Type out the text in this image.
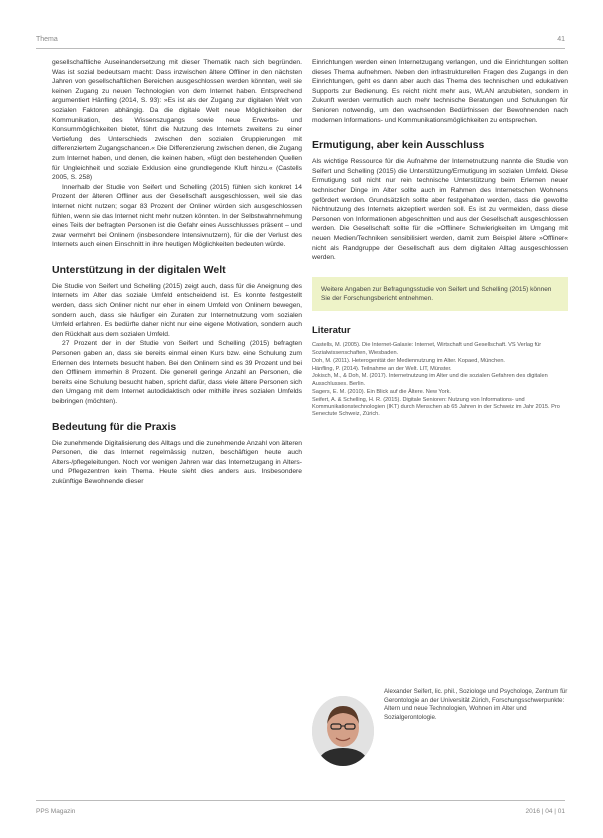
Thema	41

gesellschaftliche Auseinandersetzung mit dieser Thematik nach sich begründen. Was ist sozial bedeutsam macht: Dass inzwischen ältere Offliner in den nächsten Jahren von gesellschaftlichen Bereichen ausgeschlossen werden könnten, weil sie keinen Zugang zu neuen Technologien von dem Internet haben. Entsprechend argumentiert Hänfling (2014, S. 93): »Es ist als der Zugang zur digitalen Welt von sozialen Faktoren abhängig. Da die digitale Welt neue Möglichkeiten der Kommunikation, des Wissenszugangs sowie neue Erwerbs- und Konsummöglichkeiten bietet, führt die Nutzung des Internets zweitens zu einer Vertiefung des Unterschieds zwischen den sozialen Gruppierungen mit differenziertem Zugangschancen.« Die Differenzierung zwischen denen, die Zugang zum Internet haben, und denen, die keinen haben, »fügt den bestehenden Quellen für Ungleichheit und soziale Exklusion eine grundlegende Kluft hinzu.« (Castells 2005, S. 258)

Innerhalb der Studie von Seifert und Schelling (2015) fühlen sich konkret 14 Prozent der älteren Offliner aus der Gesellschaft ausgeschlossen, weil sie das Internet nicht nutzen; sogar 83 Prozent der Onliner würden sich ausgeschlossen fühlen, wenn sie das Internet nicht mehr nutzen könnten. In der Selbstwahrnehmung eines Teils der befragten Personen ist die Gefahr eines Ausschlusses präsent – und zwar vermehrt bei Onlinern (insbesondere Intensivnutzern), für die der Verlust des Internets auch einen Einschnitt in ihre heutigen Möglichkeiten bedeuten würde.

Unterstützung in der digitalen Welt

Die Studie von Seifert und Schelling (2015) zeigt auch, dass für die Aneignung des Internets im Alter das soziale Umfeld entscheidend ist. Es konnte festgestellt werden, dass sich Onliner nicht nur eher in einem Umfeld von Onlinern bewegen, sondern auch, dass sie häufiger ein Zuraten zur Internetnutzung vom sozialen Umfeld erfahren. Es bedürfte daher nicht nur eine eigene Motivation, sondern auch den Rückhalt aus dem sozialen Umfeld.

27 Prozent der in der Studie von Seifert und Schelling (2015) befragten Personen gaben an, dass sie bereits einmal einen Kurs bzw. eine Schulung zum Erlernen des Internets besucht haben. Bei den Onlinern sind es 39 Prozent und bei den Offlinern immerhin 8 Prozent. Die generell geringe Anzahl an Personen, die bereits eine Schulung besucht haben, spricht dafür, dass viele ältere Personen sich den Umgang mit dem Internet autodidaktisch oder mithilfe ihres sozialen Umfelds beibringen (möchten).

Bedeutung für die Praxis

Die zunehmende Digitalisierung des Alltags und die zunehmende Anzahl von älteren Personen, die das Internet regelmässig nutzen, beschäftigen heute auch Alters-/pflegeleitungen. Noch vor wenigen Jahren war das Internetzugang in Alters- und Pflegezentren kein Thema. Heute sieht dies anders aus. Insbesondere zukünftige Bewohnende dieser

Einrichtungen werden einen Internetzugang verlangen, und die Einrichtungen sollten dieses Thema aufnehmen. Neben den infrastrukturellen Fragen des Zugangs in den Einrichtungen, geht es dann aber auch das Thema des technischen und edukativen Supports zur Bedienung. Es reicht nicht mehr aus, WLAN anzubieten, sondern in Zukunft werden vermutlich auch mehr technische Beratungen und Schulungen für Senioren notwendig, um den wachsenden Bedürfnissen der Bewohnenden nach modernen Informations- und Kommunikationsmöglichkeiten zu entsprechen.

Ermutigung, aber kein Ausschluss

Als wichtige Ressource für die Aufnahme der Internetnutzung nannte die Studie von Seifert und Schelling (2015) die Unterstützung/Ermutigung im sozialen Umfeld. Diese Ermutigung soll nicht nur rein technische Unterstützung beim Erlernen neuer technischer Dinge im Alter sollte auch im Rahmen des Internetschen Wohnens gefördert werden. Grundsätzlich sollte aber festgehalten werden, dass die gewollte Nichtnutzung des Internets akzeptiert werden soll. Es ist zu vermeiden, dass diese Personen von Informationen abgeschnitten und aus der Gesellschaft ausgeschlossen werden. Die Gesellschaft sollte für die »Offliner« Schwierigkeiten im Umgang mit neuen Medien/Techniken sensibilisiert werden, damit zum Beispiel ältere »Offliner« nicht als Randgruppe der Gesellschaft aus dem digitalen Alltag ausgeschlossen werden.

Weitere Angaben zur Befragungsstudie von Seifert und Schelling (2015) können Sie der Forschungsbericht entnehmen.

Literatur

Castells, M. (2005). Die Internet-Galaxie: Internet, Wirtschaft und Gesellschaft. VS Verlag für Sozialwissenschaften, Wiesbaden.

Doh, M. (2011). Heterogenität der Mediennutzung im Alter. Kopaed, München.

Hänfling, P. (2014). Teilnahme an der Welt. LIT, Münster.

Jokisch, M., & Doh, M. (2017). Internetnutzung im Alter und die sozialen Gefahren des digitalen Ausschlusses. Berlin.

Sagers, E. M. (2010). Ein Blick auf die Ältere. New York.

Seifert, A. & Schelling, H. R. (2015). Digitale Senioren: Nutzung von Informations- und Kommunikationstechnologien (IKT) durch Menschen ab 65 Jahren in der Schweiz im Jahr 2015. Pro Senectute Schweiz, Zürich.

Alexander Seifert, lic. phil., Soziologe und Psychologe, Zentrum für Gerontologie an der Universität Zürich, Forschungsschwerpunkte: Altern und neue Technologien, Wohnen im Alter und Sozialgerontologie.
PPS Magazin	2016 | 04 | 01
